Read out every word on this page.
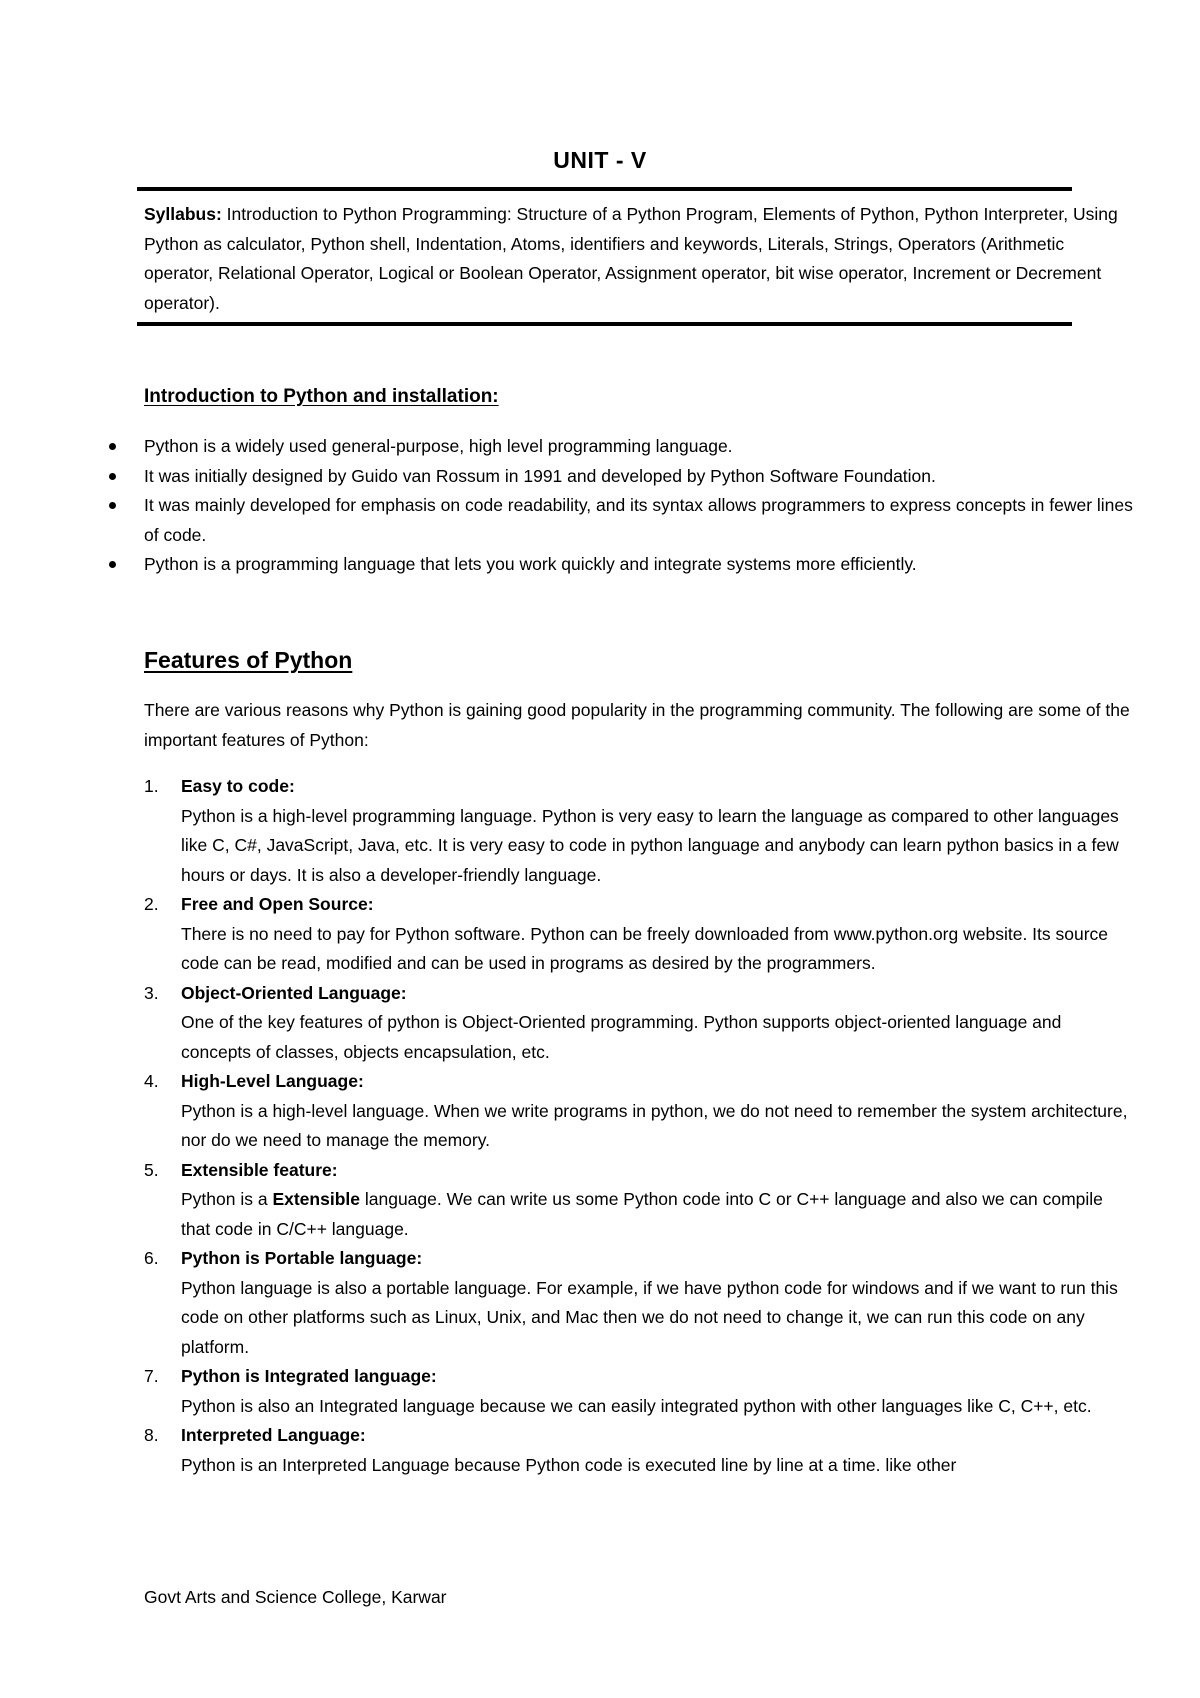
UNIT - V
Syllabus: Introduction to Python Programming: Structure of a Python Program, Elements of Python, Python Interpreter, Using Python as calculator, Python shell, Indentation, Atoms, identifiers and keywords, Literals, Strings, Operators (Arithmetic operator, Relational Operator, Logical or Boolean Operator, Assignment operator, bit wise operator, Increment or Decrement operator).
Introduction to Python and installation:
Python is a widely used general-purpose, high level programming language.
It was initially designed by Guido van Rossum in 1991 and developed by Python Software Foundation.
It was mainly developed for emphasis on code readability, and its syntax allows programmers to express concepts in fewer lines of code.
Python is a programming language that lets you work quickly and integrate systems more efficiently.
Features of Python

There are various reasons why Python is gaining good popularity in the programming community. The following are some of the important features of Python:

1. Easy to code:
Python is a high-level programming language. Python is very easy to learn the language as compared to other languages like C, C#, JavaScript, Java, etc. It is very easy to code in python language and anybody can learn python basics in a few hours or days. It is also a developer-friendly language.
2. Free and Open Source:
There is no need to pay for Python software. Python can be freely downloaded from www.python.org website. Its source code can be read, modified and can be used in programs as desired by the programmers.
3. Object-Oriented Language:
One of the key features of python is Object-Oriented programming. Python supports object-oriented language and concepts of classes, objects encapsulation, etc.
4. High-Level Language:
Python is a high-level language. When we write programs in python, we do not need to remember the system architecture, nor do we need to manage the memory.
5. Extensible feature:
Python is a Extensible language. We can write us some Python code into C or C++ language and also we can compile that code in C/C++ language.
6. Python is Portable language:
Python language is also a portable language. For example, if we have python code for windows and if we want to run this code on other platforms such as Linux, Unix, and Mac then we do not need to change it, we can run this code on any platform.
7. Python is Integrated language:
Python is also an Integrated language because we can easily integrated python with other languages like C, C++, etc.
8. Interpreted Language:
Python is an Interpreted Language because Python code is executed line by line at a time. like other
Govt Arts and Science College, Karwar
